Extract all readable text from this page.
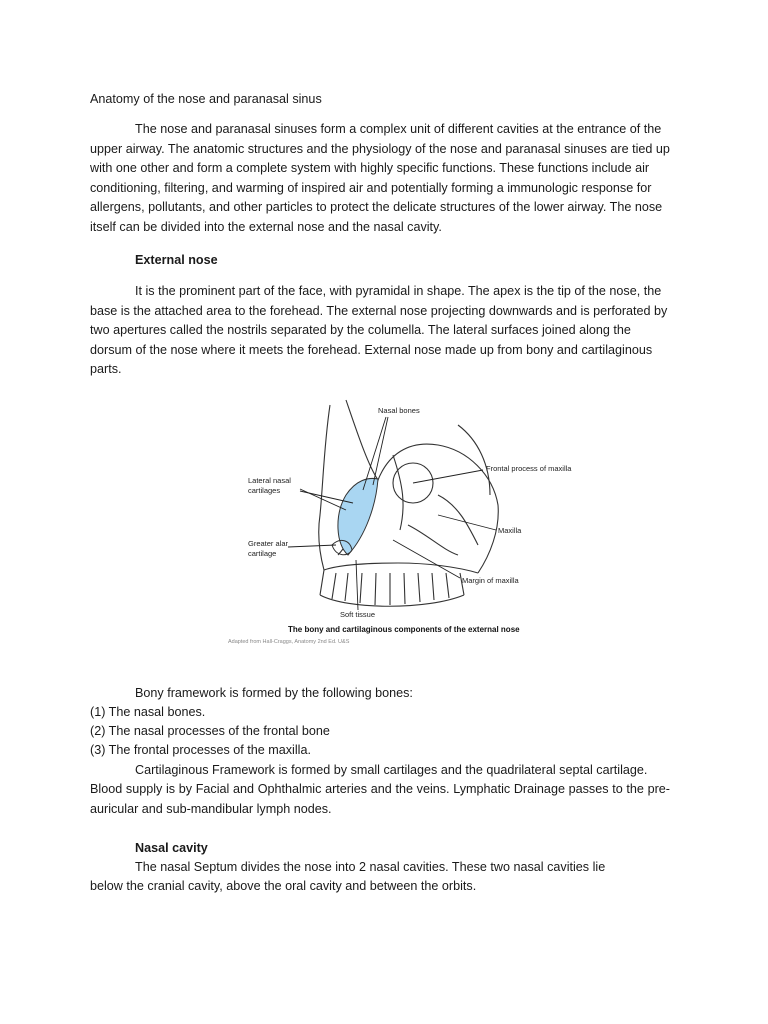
Anatomy of the nose and paranasal sinus

The nose and paranasal sinuses form a complex unit of different cavities at the entrance of the upper airway. The anatomic structures and the physiology of the nose and paranasal sinuses are tied up with one other and form a complete system with highly specific functions. These functions include air conditioning, filtering, and warming of inspired air and potentially forming a immunologic response for allergens, pollutants, and other particles to protect the delicate structures of the lower airway. The nose itself can be divided into the external nose and the nasal cavity.

External nose

It is the prominent part of the face, with pyramidal in shape. The apex is the tip of the nose, the base is the attached area to the forehead. The external nose projecting downwards and is perforated by two apertures called the nostrils separated by the columella. The lateral surfaces joined along the dorsum of the nose where it meets the forehead. External nose made up from bony and cartilaginous parts.

Nasal bones
Frontal process of maxilla
Lateral nasal
cartilages
Greater alar
cartilage
Maxilla
Margin of maxilla
Soft tissue
The bony and cartilaginous components of the external nose
Adapted from Hall-Craggs, Anatomy 2nd Ed. U&S

Bony framework is formed by the following bones:

(1) The nasal bones.

(2) The nasal processes of the frontal bone

(3) The frontal processes of the maxilla.

Cartilaginous Framework is formed by small cartilages and the quadrilateral septal cartilage.

Blood supply is by Facial and Ophthalmic arteries and the veins. Lymphatic Drainage passes to the pre-auricular and sub-mandibular lymph nodes.

Nasal cavity

The nasal Septum divides the nose into 2 nasal cavities. These two nasal cavities lie

below the cranial cavity, above the oral cavity and between the orbits.
